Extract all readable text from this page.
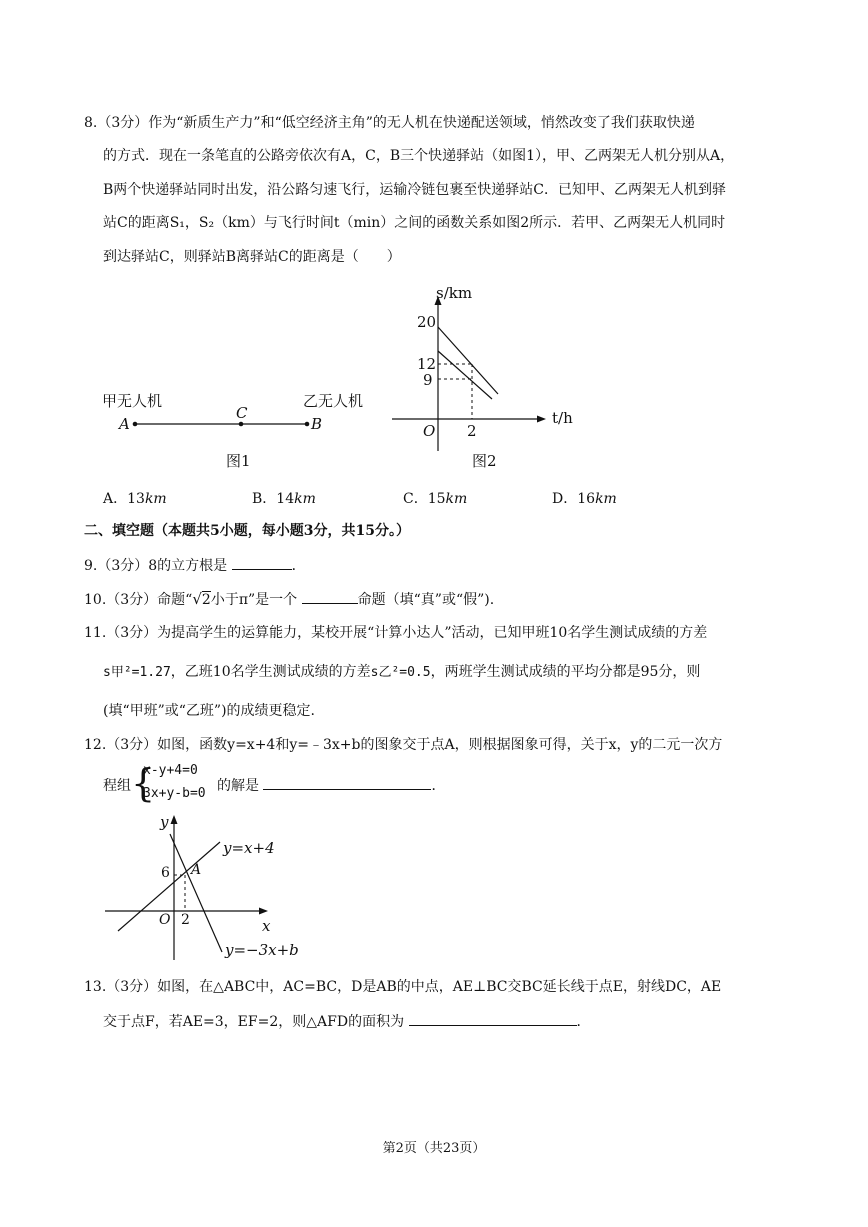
8.（3分）作为“新质生产力”和“低空经济主角”的无人机在快递配送领域，悄然改变了我们获取快递
的方式．现在一条笔直的公路旁依次有A，C，B三个快递驿站（如图1），甲、乙两架无人机分别从A，
B两个快递驿站同时出发，沿公路匀速飞行，运输冷链包裹至快递驿站C．已知甲、乙两架无人机到驿
站C的距离S₁，S₂（km）与飞行时间t（min）之间的函数关系如图2所示．若甲、乙两架无人机同时
到达驿站C，则驿站B离驿站C的距离是（　　）
甲无人机	乙无人机
A
C
B
图1
s/km
t/h
O
20
12
9
2
图2
A．13km	B．14km	C．15km	D．16km
二、填空题（本题共5小题，每小题3分，共15分。）
9.（3分）8的立方根是	．
10.（3分）命题“√2小于π”是一个	命题（填“真”或“假”).
11.（3分）为提高学生的运算能力，某校开展“计算小达人”活动，已知甲班10名学生测试成绩的方差
s甲²=1.27，乙班10名学生测试成绩的方差s乙²=0.5，两班学生测试成绩的平均分都是95分，则
(填“甲班”或“乙班”)的成绩更稳定.
12.（3分）如图，函数y=x+4和y=﹣3x+b的图象交于点A，则根据图象可得，关于x，y的二元一次方
程组 {
x-y+4=0
3x+y-b=0 的解是	．
y
x
O
6
2
A
y=x+4
y=−3x+b
13.（3分）如图，在△ABC中，AC=BC，D是AB的中点，AE⊥BC交BC延长线于点E，射线DC，AE
交于点F，若AE=3，EF=2，则△AFD的面积为	．
第2页（共23页）
